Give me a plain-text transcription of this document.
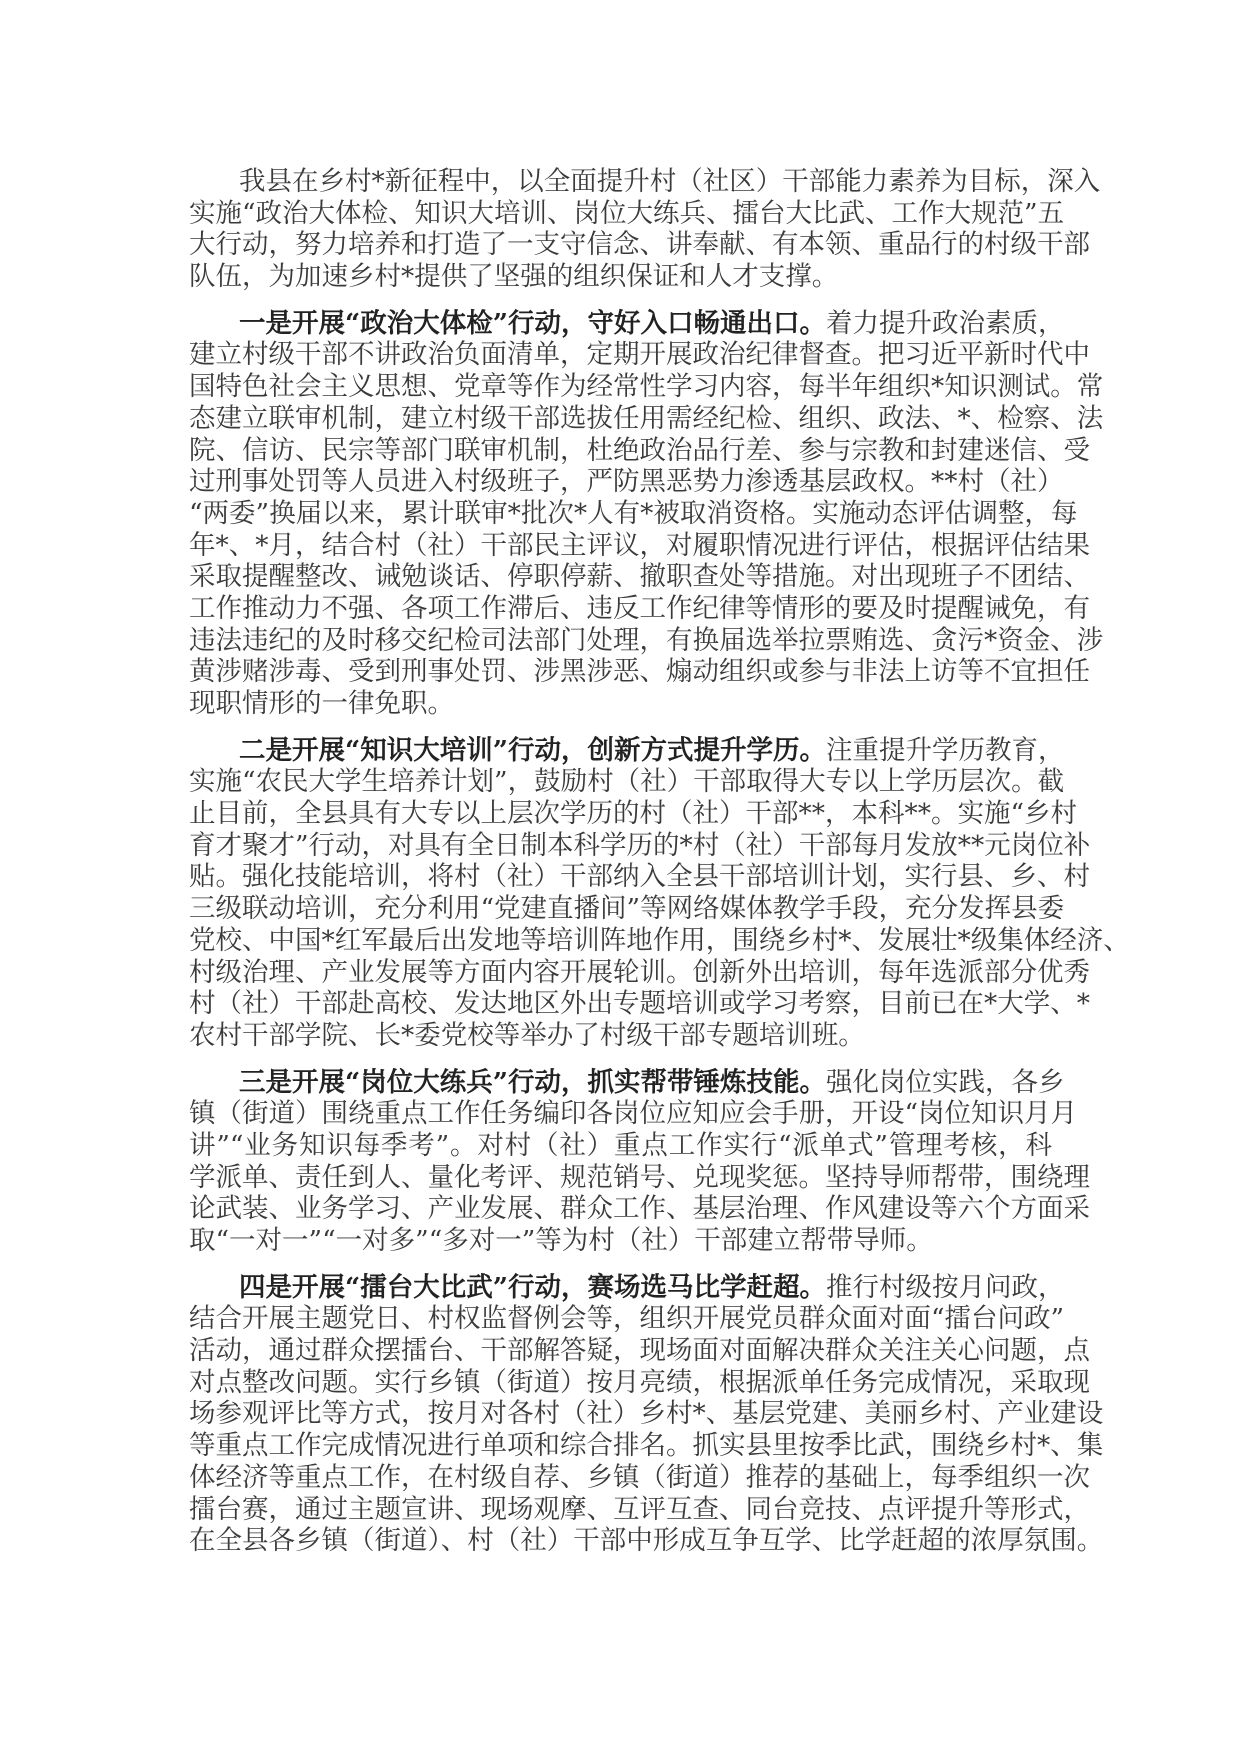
我县在乡村*新征程中，以全面提升村（社区）干部能力素养为目标，深入
实施“政治大体检、知识大培训、岗位大练兵、擂台大比武、工作大规范”五
大行动，努力培养和打造了一支守信念、讲奉献、有本领、重品行的村级干部
队伍，为加速乡村*提供了坚强的组织保证和人才支撑。
一是开展“政治大体检”行动，守好入口畅通出口。着力提升政治素质，
建立村级干部不讲政治负面清单，定期开展政治纪律督查。把习近平新时代中
国特色社会主义思想、党章等作为经常性学习内容，每半年组织*知识测试。常
态建立联审机制，建立村级干部选拔任用需经纪检、组织、政法、*、检察、法
院、信访、民宗等部门联审机制，杜绝政治品行差、参与宗教和封建迷信、受
过刑事处罚等人员进入村级班子，严防黑恶势力渗透基层政权。**村（社）
“两委”换届以来，累计联审*批次*人有*被取消资格。实施动态评估调整，每
年*、*月，结合村（社）干部民主评议，对履职情况进行评估，根据评估结果
采取提醒整改、诫勉谈话、停职停薪、撤职查处等措施。对出现班子不团结、
工作推动力不强、各项工作滞后、违反工作纪律等情形的要及时提醒诫免，有
违法违纪的及时移交纪检司法部门处理，有换届选举拉票贿选、贪污*资金、涉
黄涉赌涉毒、受到刑事处罚、涉黑涉恶、煽动组织或参与非法上访等不宜担任
现职情形的一律免职。
二是开展“知识大培训”行动，创新方式提升学历。注重提升学历教育，
实施“农民大学生培养计划”，鼓励村（社）干部取得大专以上学历层次。截
止目前，全县具有大专以上层次学历的村（社）干部**，本科**。实施“乡村
育才聚才”行动，对具有全日制本科学历的*村（社）干部每月发放**元岗位补
贴。强化技能培训，将村（社）干部纳入全县干部培训计划，实行县、乡、村
三级联动培训，充分利用“党建直播间”等网络媒体教学手段，充分发挥县委
党校、中国*红军最后出发地等培训阵地作用，围绕乡村*、发展壮*级集体经济、
村级治理、产业发展等方面内容开展轮训。创新外出培训，每年选派部分优秀
村（社）干部赴高校、发达地区外出专题培训或学习考察，目前已在*大学、*
农村干部学院、长*委党校等举办了村级干部专题培训班。
三是开展“岗位大练兵”行动，抓实帮带锤炼技能。强化岗位实践，各乡
镇（街道）围绕重点工作任务编印各岗位应知应会手册，开设“岗位知识月月
讲”“业务知识每季考”。对村（社）重点工作实行“派单式”管理考核，科
学派单、责任到人、量化考评、规范销号、兑现奖惩。坚持导师帮带，围绕理
论武装、业务学习、产业发展、群众工作、基层治理、作风建设等六个方面采
取“一对一”“一对多”“多对一”等为村（社）干部建立帮带导师。
四是开展“擂台大比武”行动，赛场选马比学赶超。推行村级按月问政，
结合开展主题党日、村权监督例会等，组织开展党员群众面对面“擂台问政”
活动，通过群众摆擂台、干部解答疑，现场面对面解决群众关注关心问题，点
对点整改问题。实行乡镇（街道）按月亮绩，根据派单任务完成情况，采取现
场参观评比等方式，按月对各村（社）乡村*、基层党建、美丽乡村、产业建设
等重点工作完成情况进行单项和综合排名。抓实县里按季比武，围绕乡村*、集
体经济等重点工作，在村级自荐、乡镇（街道）推荐的基础上，每季组织一次
擂台赛，通过主题宣讲、现场观摩、互评互查、同台竞技、点评提升等形式，
在全县各乡镇（街道）、村（社）干部中形成互争互学、比学赶超的浓厚氛围。
